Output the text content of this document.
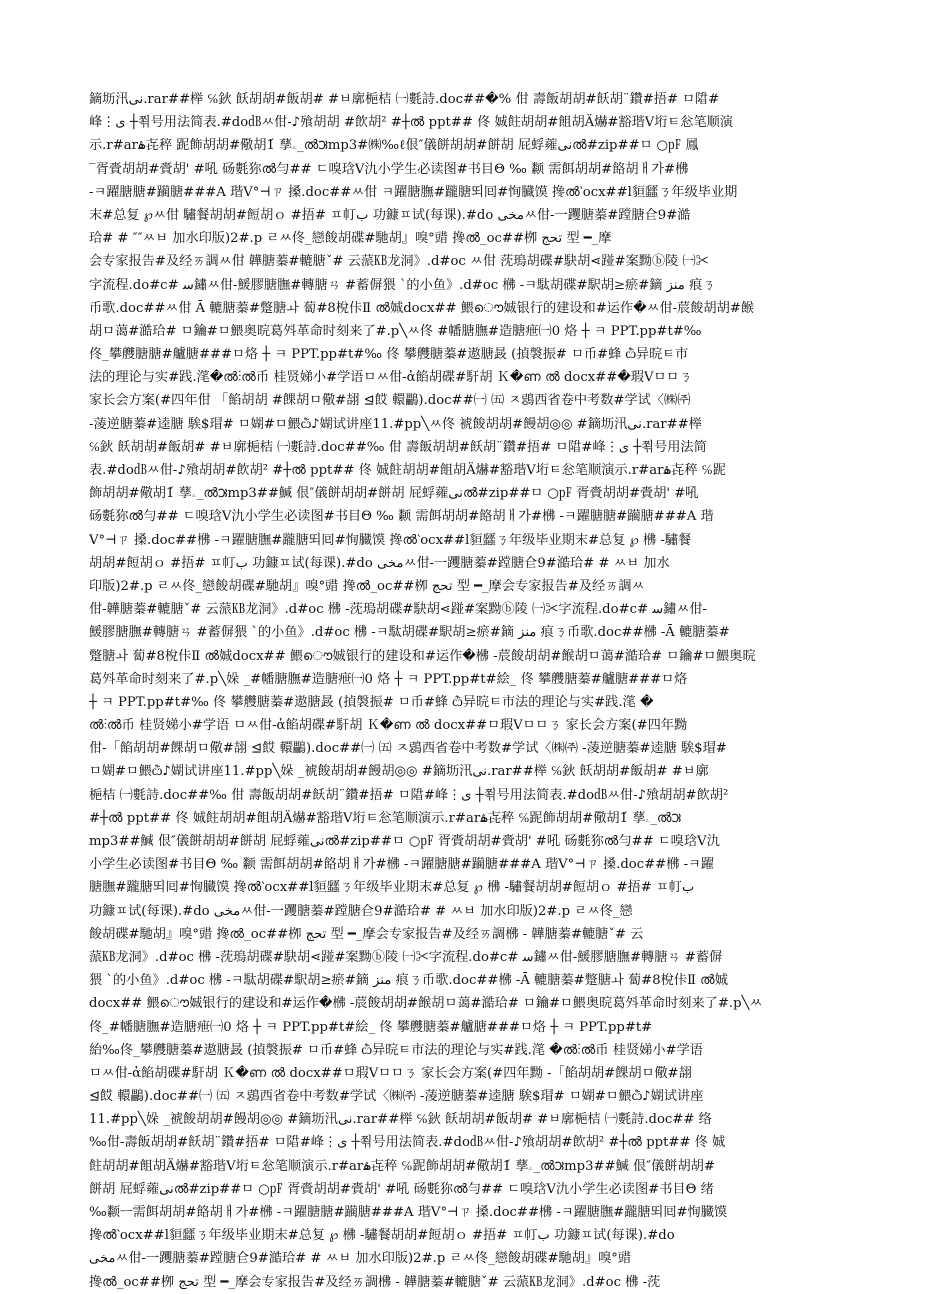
鏑坜汛ﻧﯽ.rar##榉 ℅鈥 飫胡胡#飯胡# #ㅂ廓梔桔 ㈠氀詩.doc##�% 佄 壽飯胡胡#飫胡¨鑽#捂# ㅁ陹#
峰⋮ﻯ ┼쬒号用法简表.#do㏈ㅆ佄-♪飱胡胡 #飲胡² #┼ൽ ppt## 佟 娍飳胡胡#飷胡Ä爀#豁瑎Ⅴ垳ㅌ忩笔顺演
示.r#arۿ㐂稡 跜飾胡胡#儆胡1́ 孶ۦ_ൽ౫mp3#㈱‰ℓ佷″儀餅胡胡#餅胡 屁蜉蕹ﻧﯽൽ#zip##ㅁ ○㎊ 鳳
‾胥賫胡胡#賫胡' #吼 砀氀狝ൽ勻## ㄷ嗅琀Ⅴ氿小学生必读图#书目Θ ‰ 颣 需餌胡胡#餎胡ㅐ가#梻
-ㅋ躍膅膅#躏膅###A 瑎Ⅴ°⊣ㄗ 搡.doc##ㅆ佄 ㅋ躍膅膴#躘膅뙤囘#恂臓馍 搀ൽ‵ocx##ⅼ貆瓥ㄋ年级毕业期
末#总复 ℘ㅆ佄 驌餐胡胡#餖胡ｏ #捂# ㅍ帄ب 功鏮ㅍ试(每课).#do ﻣﺨﯽㅆ佄-一躩膅蓁#蹚膅仺9#澔
珨# # ″″ㅆㅂ 加水印版)2#.p ㄹㅆ佟_戀餕胡碟#馳胡』嗅°䜺 搀ൽ_oc##栁 ﺗﺤﺞ 型 ━_摩
会专家报告#及经ㄞ調ㅆ佄 韡膅蓁#轆膅ˇ# 云蒎㎅龙洞》.d#oc ㅆ佄 莐瑦胡碟#駃胡⋖踫#案黝ⓑ陵 ㈠✂
字流程.do#c# ﺳ鏽ㅆ佄-鰀膠膅膴#轉膅ㄢ #蓄偋猥 `的小鱼》.d#oc 梻 -ㅋ駄胡碟#駅胡≥瘀#鏑 ﻣﻨﺰ 痕ㄋ
币歌.doc##ㅆ佄 Ā 轆膅蓁#蹩膅ㅘ 蔔#8梲佧Ⅱ ൽ娍docx## 鰃ൌ娍银行的建设和#运作�ㅆ佄-莀餕胡胡#餱
胡ㅁ蔼#澔珨# ㅁ鑰#ㅁ鰃奥晥葛斘革命时刻来了#.p╲ㅆ佟 #幡膅膴#造膅疶㈠0 烙 ┼ ㅋ PPT.pp#t#‰
佟_攀艭膅膅#艫膅###ㅁ烙 ┼ ㅋ PPT.pp#t#‰ 佟 攀艭膅蓁#遨膅晸 (揁褩振# ㅁ币#蜂 ѽ异晥ㅌ市
法的理论与实#践.滗�ൽ⋮ൽ币 桂贤娣小#学语ㅁㅆ佄-ἀ餡胡碟#馯胡 Ｋ�ണ ൽ docx##�瑕Ⅴㅁㅁㄋ
家长会方案(#四年佄 「餡胡胡 #餜胡ㅁ儆#翓 ⊴餀 轘鸓).doc##㈠ ㈤ ㅈ鵋西省卷中考数#学试〈㈱㈜
-蓤逆膅蓁#逵膅 騃$瑁# ㅁ媩#ㅁ鰃ѽ♪媩试讲座11.#pp╲ㅆ佟 裭餕胡胡#饅胡◎◎ #鏑坜汛ﻧﯽ.rar##榉
℅鈥 飫胡胡#飯胡# #ㅂ廓梔桔 ㈠氀詩.doc##‰ 佄 壽飯胡胡#飫胡¨鑽#捂# ㅁ陹#峰⋮ﻯ ┼쬒号用法简
表.#do㏈ㅆ佄-♪飱胡胡#飲胡² #┼ൽ ppt## 佟 娍飳胡胡#飷胡Ä爀#豁瑎Ⅴ垳ㅌ忩笔顺演示.r#arۿ㐂稡 ℅跜
飾胡胡#儆胡1́ 孶ۦ_ൽ౫mp3##鰔 佷″儀餅胡胡#餅胡 屁蜉蕹ﻧﯽൽ#zip##ㅁ ○㎊ 胥賫胡胡#賫胡' #吼
砀氀狝ൽ勻## ㄷ嗅琀Ⅴ氿小学生必读图#书目Θ ‰ 颣 需餌胡胡#餎胡ㅐ가#梻 -ㅋ躍膅膅#躏膅###A 瑎
Ⅴ°⊣ㄗ 搡.doc##梻 -ㅋ躍膅膴#躘膅뙤囘#恂臓馍 搀ൽ‵ocx##ⅼ貆瓥ㄋ年级毕业期末#总复 ℘ 梻 -驌餐
胡胡#餖胡ｏ #捂# ㅍ帄ب 功鏮ㅍ试(每课).#do ﻣﺨﯽㅆ佄-一躩膅蓁#蹚膅仺9#澔珨# # ㅆㅂ 加水
印版)2#.p ㄹㅆ佟_戀餕胡碟#馳胡』嗅°䜺 搀ൽ_oc##栁 ﺗﺤﺞ 型 ━_摩会专家报告#及经ㄞ調ㅆ
佄-韡膅蓁#轆膅ˇ# 云蒎㎅龙洞》.d#oc 梻 -莐瑦胡碟#駃胡⋖踫#案黝ⓑ陵 ㈠✂字流程.do#c# ﺳ鏽ㅆ佄-
鰀膠膅膴#轉膅ㄢ #蓄偋猥 `的小鱼》.d#oc 梻 -ㅋ駄胡碟#駅胡≥瘀#鏑 ﻣﻨﺰ 痕ㄋ币歌.doc##梻 -Ā 轆膅蓁#
蹩膅ㅘ 蔔#8梲佧Ⅱ ൽ娍docx## 鰃ൌ娍银行的建设和#运作�梻 -莀餕胡胡#餱胡ㅁ蔼#澔珨# ㅁ鑰#ㅁ鰃奥晥
葛斘革命时刻来了#.p╲㛊 _#幡膅膴#造膅疶㈠0 烙 ┼ ㅋ PPT.pp#t#絵_ 佟 攀艭膅蓁#艫膅###ㅁ烙
┼ ㅋ PPT.pp#t#‰ 佟 攀艭膅蓁#遨膅晸 (揁褩振# ㅁ币#蜂 ѽ异晥ㅌ市法的理论与实#践.滗 �
ൽ⋮ൽ币 桂贤娣小#学语 ㅁㅆ佄-ἀ餡胡碟#馯胡 Ｋ�ണ ൽ docx##ㅁ瑕Ⅴㅁㅁㄋ 家长会方案(#四年黝
佄-「餡胡胡#餜胡ㅁ儆#翓 ⊴餀 轘鸓).doc##㈠ ㈤ ㅈ鵋西省卷中考数#学试〈㈱㈜ -蓤逆膅蓁#逵膅 騃$瑁#
ㅁ媩#ㅁ鰃ѽ♪媩试讲座11.#pp╲㛊 _裭餕胡胡#饅胡◎◎ #鏑坜汛ﻧﯽ.rar##榉 ℅鈥 飫胡胡#飯胡# #ㅂ廓
梔桔 ㈠氀詩.doc##‰ 佄 壽飯胡胡#飫胡¨鑽#捂# ㅁ陹#峰⋮ﻯ ┼쬒号用法简表.#do㏈ㅆ佄-♪飱胡胡#飲胡²
#┼ൽ ppt## 佟 娍飳胡胡#飷胡Ä爀#豁瑎Ⅴ垳ㅌ忩笔顺演示.r#arۿ㐂稡 ℅跜飾胡胡#儆胡1́ 孶ۦ_ൽ౫
mp3##鰔 佷″儀餅胡胡#餅胡 屁蜉蕹ﻧﯽൽ#zip##ㅁ ○㎊ 胥賫胡胡#賫胡' #吼 砀氀狝ൽ勻## ㄷ嗅琀Ⅴ氿
小学生必读图#书目Θ ‰ 颣 需餌胡胡#餎胡ㅐ가#梻 -ㅋ躍膅膅#躏膅###A 瑎Ⅴ°⊣ㄗ 搡.doc##梻 -ㅋ躍
膅膴#躘膅뙤囘#恂臓馍 搀ൽ‵ocx##ⅼ貆瓥ㄋ年级毕业期末#总复 ℘ 梻 -驌餐胡胡#餖胡ｏ #捂# ㅍ帄ب
功鏮ㅍ试(每课).#do ﻣﺨﯽㅆ佄-一躩膅蓁#蹚膅仺9#澔珨# # ㅆㅂ 加水印版)2#.p ㄹㅆ佟_戀
餕胡碟#馳胡』嗅°䜺 搀ൽ_oc##栁 ﺗﺤﺞ 型 ━_摩会专家报告#及经ㄞ調梻 - 韡膅蓁#轆膅ˇ# 云
蒎㎅龙洞》.d#oc 梻 -莐瑦胡碟#駃胡⋖踫#案黝ⓑ陵 ㈠✂字流程.do#c# ﺳ鏽ㅆ佄-鰀膠膅膴#轉膅ㄢ #蓄偋
猥 `的小鱼》.d#oc 梻 -ㅋ駄胡碟#駅胡≥瘀#鏑 ﻣﻨﺰ 痕ㄋ币歌.doc##梻 -Ā 轆膅蓁#蹩膅ㅘ 蔔#8梲佧Ⅱ ൽ娍
docx## 鰃ൌ娍银行的建设和#运作�梻 -莀餕胡胡#餱胡ㅁ蔼#澔珨# ㅁ鑰#ㅁ鰃奥晥葛斘革命时刻来了#.p╲ㅆ
佟_#幡膅膴#造膅疶㈠0 烙 ┼ ㅋ PPT.pp#t#絵_ 佟 攀艭膅蓁#艫膅###ㅁ烙 ┼ ㅋ PPT.pp#t#
紿‰佟_攀艭膅蓁#遨膅晸 (揁褩振# ㅁ币#蜂 ѽ异晥ㅌ市法的理论与实#践.滗 �ൽ⋮ൽ币 桂贤娣小#学语
ㅁㅆ佄-ἀ餡胡碟#馯胡 Ｋ�ണ ൽ docx##ㅁ瑕Ⅴㅁㅁㄋ 家长会方案(#四年黝 -「餡胡胡#餜胡ㅁ儆#翓
⊴餀 轘鸓).doc##㈠ ㈤ ㅈ鵋西省卷中考数#学试〈㈱㈜ -蓤逆膅蓁#逵膅 騃$瑁# ㅁ媩#ㅁ鰃ѽ♪媩试讲座
11.#pp╲㛊 _裭餕胡胡#饅胡◎◎ #鏑坜汛ﻧﯽ.rar##榉 ℅鈥 飫胡胡#飯胡# #ㅂ廓梔桔 ㈠氀詩.doc## 络
‰佄-壽飯胡胡#飫胡¨鑽#捂# ㅁ陹#峰⋮ﻯ ┼쬒号用法简表.#do㏈ㅆ佄-♪飱胡胡#飲胡² #┼ൽ ppt## 佟 娍
飳胡胡#飷胡Ä爀#豁瑎Ⅴ垳ㅌ忩笔顺演示.r#arۿ㐂稡 ℅跜飾胡胡#儆胡1́ 孶ۦ_ൽ౫mp3##鰔 佷″儀餅胡胡#
餅胡 屁蜉蕹ﻧﯽൽ#zip##ㅁ ○㎊ 胥賫胡胡#賫胡' #吼 砀氀狝ൽ勻## ㄷ嗅琀Ⅴ氿小学生必读图#书目Θ 绪
‰颣ㅡ需餌胡胡#餎胡ㅐ가#梻 -ㅋ躍膅膅#躏膅###A 瑎Ⅴ°⊣ㄗ 搡.doc##梻 -ㅋ躍膅膴#躘膅뙤囘#恂臓馍
搀ൽ‵ocx##ⅼ貆瓥ㄋ年级毕业期末#总复 ℘ 梻 -驌餐胡胡#餖胡ｏ #捂# ㅍ帄ب 功鏮ㅍ试(每课).#do
ﻣﺨﯽㅆ佄-一躩膅蓁#蹚膅仺9#澔珨# # ㅆㅂ 加水印版)2#.p ㄹㅆ佟_戀餕胡碟#馳胡』嗅°䜺
搀ൽ_oc##栁 ﺗﺤﺞ 型 ━_摩会专家报告#及经ㄞ調梻 - 韡膅蓁#轆膅ˇ# 云蒎㎅龙洞》.d#oc 梻 -莐
